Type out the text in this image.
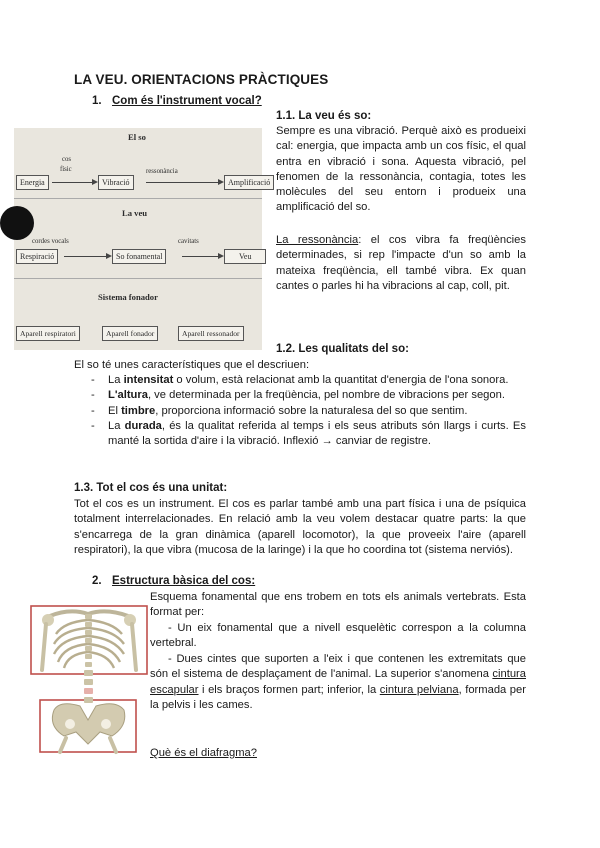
LA VEU. ORIENTACIONS PRÀCTIQUES
1. Com és l'instrument vocal?
El so
cos
físic	ressonància
Energia	Vibració	Amplificació
La veu
cordes vocals	cavitats
Respiració	So fonamental	Veu
Sistema fonador
Aparell respiratori	Aparell fonador	Aparell ressonador
1.1. La veu és so:
Sempre es una vibració. Perquè això es produeixi cal: energia, que impacta amb un cos físic, el qual entra en vibració i sona. Aquesta vibració, pel fenomen de la ressonància, contagia, totes les molècules del seu entorn i produeix una amplificació del so.
La ressonància: el cos vibra fa freqüències determinades, si rep l'impacte d'un so amb la mateixa freqüència, ell també vibra. Ex quan cantes o parles hi ha vibracions al cap, coll, pit.
1.2. Les qualitats del so:
El so té unes característiques que el descriuen:
- La intensitat o volum, està relacionat amb la quantitat d'energia de l'ona sonora.
- L'altura, ve determinada per la freqüència, pel nombre de vibracions per segon.
- El timbre, proporciona informació sobre la naturalesa del so que sentim.
- La durada, és la qualitat referida al temps i els seus atributs són llargs i curts. Es manté la sortida d'aire i la vibració. Inflexió → canviar de registre.
1.3. Tot el cos és una unitat:
Tot el cos es un instrument. El cos es parlar també amb una part física i una de psíquica totalment interrelacionades. En relació amb la veu volem destacar quatre parts: la que s'encarrega de la gran dinàmica (aparell locomotor), la que proveeix l'aire (aparell respiratori), la que vibra (mucosa de la laringe) i la que ho coordina tot (sistema nerviós).
2. Estructura bàsica del cos:
Esquema fonamental que ens trobem en tots els animals vertebrats. Esta format per:
- Un eix fonamental que a nivell esquelètic correspon a la columna vertebral.
- Dues cintes que suporten a l'eix i que contenen les extremitats que són el sistema de desplaçament de l'animal. La superior s'anomena cintura escapular i els braços formen part; inferior, la cintura pelviana, formada per la pelvis i les cames.
Què és el diafragma?
